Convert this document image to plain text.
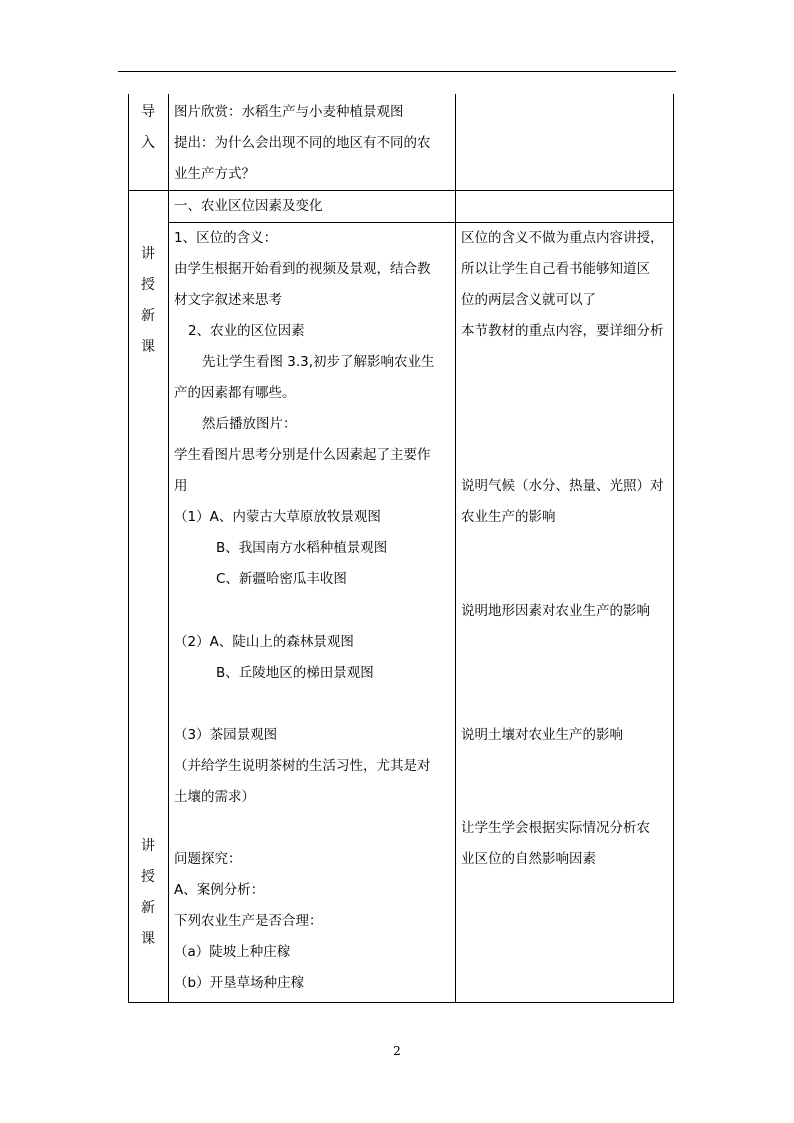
导
入
讲
授
新
课
讲
授
新
课
图片欣赏：水稻生产与小麦种植景观图
提出：为什么会出现不同的地区有不同的农
业生产方式？
一、农业区位因素及变化
1、区位的含义：
由学生根据开始看到的视频及景观，结合教
材文字叙述来思考
2、农业的区位因素
先让学生看图 3.3,初步了解影响农业生
产的因素都有哪些。
然后播放图片：
学生看图片思考分别是什么因素起了主要作
用
（1）A、内蒙古大草原放牧景观图
B、我国南方水稻种植景观图
C、新疆哈密瓜丰收图
（2）A、陡山上的森林景观图
B、丘陵地区的梯田景观图
（3）茶园景观图
（并给学生说明茶树的生活习性，尤其是对
土壤的需求）
问题探究：
A、案例分析：
下列农业生产是否合理：
（a）陡坡上种庄稼
（b）开垦草场种庄稼
区位的含义不做为重点内容讲授，
所以让学生自己看书能够知道区
位的两层含义就可以了
本节教材的重点内容，要详细分析
说明气候（水分、热量、光照）对
农业生产的影响
说明地形因素对农业生产的影响
说明土壤对农业生产的影响
让学生学会根据实际情况分析农
业区位的自然影响因素
2
